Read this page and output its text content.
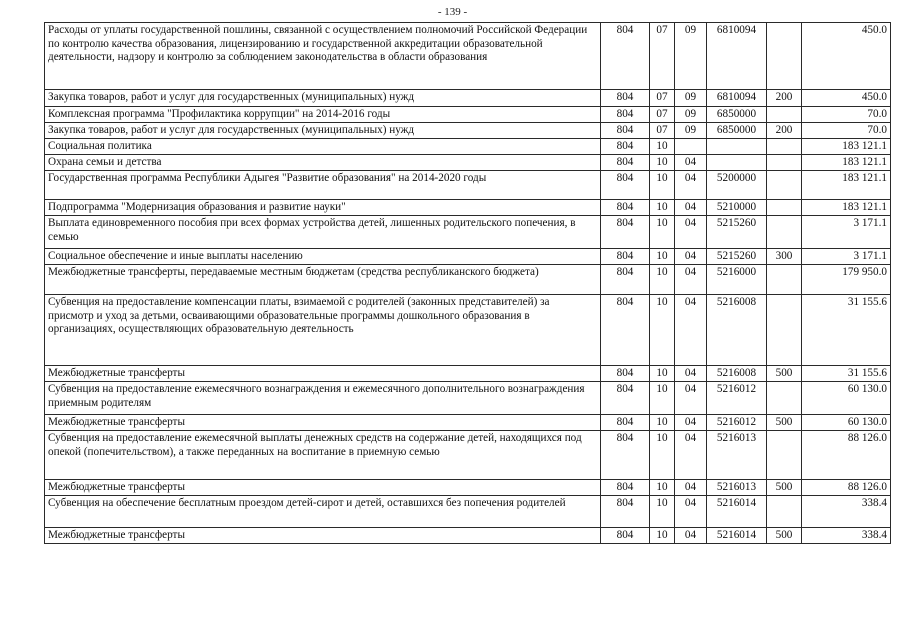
- 139 -
Расходы от уплаты государственной пошлины, связанной с осуществлением полномочий Российской Федерации по контролю качества образования, лицензированию и государственной аккредитации образовательной деятельности, надзору и контролю за соблюдением законодательства в области образования	804	07	09	6810094		450.0
Закупка товаров, работ и услуг для государственных (муниципальных) нужд	804	07	09	6810094	200	450.0
Комплексная программа "Профилактика коррупции" на 2014-2016 годы	804	07	09	6850000		70.0
Закупка товаров, работ и услуг для государственных (муниципальных) нужд	804	07	09	6850000	200	70.0
Социальная политика	804	10				183 121.1
Охрана семьи и детства	804	10	04			183 121.1
Государственная программа Республики Адыгея "Развитие образования" на 2014-2020 годы	804	10	04	5200000		183 121.1
Подпрограмма "Модернизация образования и развитие науки"	804	10	04	5210000		183 121.1
Выплата единовременного пособия при всех формах устройства детей, лишенных родительского попечения, в семью	804	10	04	5215260		3 171.1
Социальное обеспечение и иные выплаты населению	804	10	04	5215260	300	3 171.1
Межбюджетные трансферты, передаваемые местным бюджетам (средства республиканского бюджета)	804	10	04	5216000		179 950.0
Субвенция на предоставление компенсации платы, взимаемой с родителей (законных представителей) за присмотр и уход за детьми, осваивающими образовательные программы дошкольного образования в организациях, осуществляющих образовательную деятельность	804	10	04	5216008		31 155.6
Межбюджетные трансферты	804	10	04	5216008	500	31 155.6
Субвенция на предоставление ежемесячного вознаграждения и ежемесячного дополнительного вознаграждения приемным родителям	804	10	04	5216012		60 130.0
Межбюджетные трансферты	804	10	04	5216012	500	60 130.0
Субвенция на предоставление ежемесячной выплаты денежных средств на содержание детей, находящихся под опекой (попечительством), а также переданных на воспитание в приемную семью	804	10	04	5216013		88 126.0
Межбюджетные трансферты	804	10	04	5216013	500	88 126.0
Субвенция на обеспечение бесплатным проездом детей-сирот и детей, оставшихся без попечения родителей	804	10	04	5216014		338.4
Межбюджетные трансферты	804	10	04	5216014	500	338.4
